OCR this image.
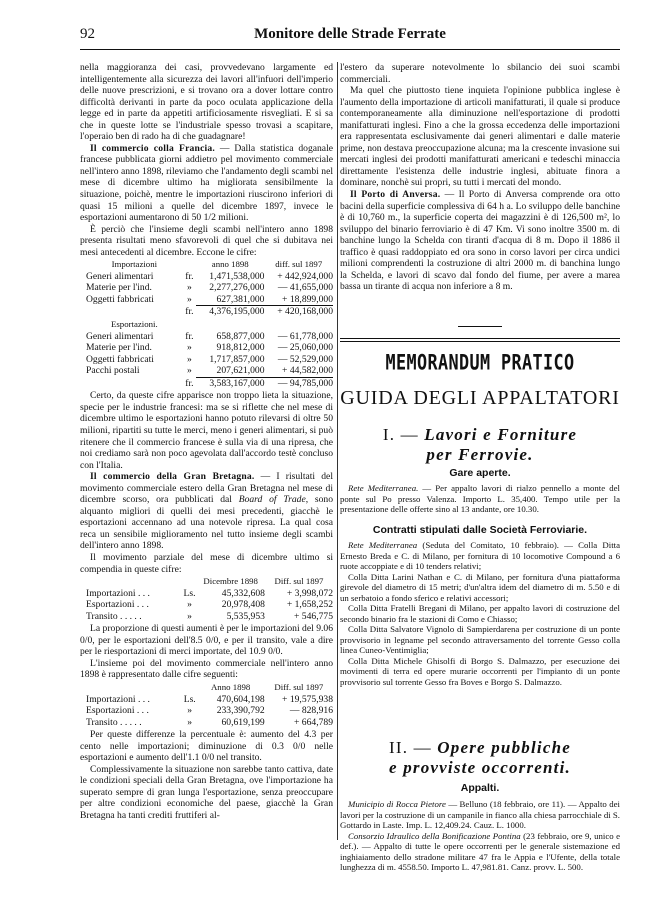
92	Monitore delle Strade Ferrate

nella maggioranza dei casi, provvedevano largamente ed intelligentemente alla sicurezza dei lavori all'infuori dell'imperio delle nuove prescrizioni, e si trovano ora a dover lottare contro difficoltà derivanti in parte da poco oculata applicazione della legge ed in parte da appetiti artificiosamente risvegliati. E si sa che in queste lotte se l'industriale spesso trovasi a scapitare, l'operaio ben di rado ha di che guadagnare!

Il commercio colla Francia. — Dalla statistica doganale francese pubblicata giorni addietro pel movimento commerciale nell'intero anno 1898, rileviamo che l'andamento degli scambi nel mese di dicembre ultimo ha migliorata sensibilmente la situazione, poichè, mentre le importazioni riuscirono inferiori di quasi 15 milioni a quelle del dicembre 1897, invece le esportazioni aumentarono di 50 1/2 milioni.

È perciò che l'insieme degli scambi nell'intero anno 1898 presenta risultati meno sfavorevoli di quel che si dubitava nei mesi antecedenti al dicembre. Eccone le cifre:

Importazioni		anno 1898	diff. sul 1897
Generi alimentari	fr.	1,471,538,000	+ 442,924,000
Materie per l'ind.	»	2,277,276,000	— 41,655,000
Oggetti fabbricati	»	627,381,000	+ 18,899,000
	fr.	4,376,195,000	+ 420,168,000
Esportazioni.			
Generi alimentari	fr.	658,877,000	— 61,778,000
Materie per l'ind.	»	918,812,000	— 25,060,000
Oggetti fabbricati	»	1,717,857,000	— 52,529,000
Pacchi postali	»	207,621,000	+ 44,582,000
	fr.	3,583,167,000	— 94,785,000

Certo, da queste cifre apparisce non troppo lieta la situazione, specie per le industrie francesi: ma se si riflette che nel mese di dicembre ultimo le esportazioni hanno potuto rilevarsi di oltre 50 milioni, ripartiti su tutte le merci, meno i generi alimentari, si può ritenere che il commercio francese è sulla via di una ripresa, che noi crediamo sarà non poco agevolata dall'accordo testè concluso con l'Italia.

Il commercio della Gran Bretagna. — I risultati del movimento commerciale estero della Gran Bretagna nel mese di dicembre scorso, ora pubblicati dal Board of Trade, sono alquanto migliori di quelli dei mesi precedenti, giacchè le esportazioni accennano ad una notevole ripresa. La qual cosa reca un sensibile miglioramento nel tutto insieme degli scambi dell'intero anno 1898.

Il movimento parziale del mese di dicembre ultimo si compendia in queste cifre:

		Dicembre 1898	Diff. sul 1897
Importazioni . . .	Ls.	45,332,608	+ 3,998,072
Esportazioni . . .	»	20,978,408	+ 1,658,252
Transito . . . . .	»	5,535,953	+ 546,775

La proporzione di questi aumenti è per le importazioni del 9.06 0/0, per le esportazioni dell'8.5 0/0, e per il transito, vale a dire per le riesportazioni di merci importate, del 10.9 0/0.

L'insieme poi del movimento commerciale nell'intero anno 1898 è rappresentato dalle cifre seguenti:

		Anno 1898	Diff. sul 1897
Importazioni . . .	Ls.	470,604,198	+ 19,575,938
Esportazioni . . .	»	233,390,792	— 828,916
Transito . . . . .	»	60,619,199	+ 664,789

Per queste differenze la percentuale è: aumento del 4.3 per cento nelle importazioni; diminuzione di 0.3 0/0 nelle esportazioni e aumento dell'1.1 0/0 nel transito.

Complessivamente la situazione non sarebbe tanto cattiva, date le condizioni speciali della Gran Bretagna, ove l'importazione ha superato sempre di gran lunga l'esportazione, senza preoccupare per altre condizioni economiche del paese, giacchè la Gran Bretagna ha tanti crediti fruttiferi al-

l'estero da superare notevolmente lo sbilancio dei suoi scambi commerciali.

Ma quel che piuttosto tiene inquieta l'opinione pubblica inglese è l'aumento della importazione di articoli manifatturati, il quale si produce contemporaneamente alla diminuzione nell'esportazione di prodotti manifatturati inglesi. Fino a che la grossa eccedenza delle importazioni era rappresentata esclusivamente dai generi alimentari e dalle materie prime, non destava preoccupazione alcuna; ma la crescente invasione sui mercati inglesi dei prodotti manifatturati americani e tedeschi minaccia direttamente l'esistenza delle industrie inglesi, abituate finora a dominare, nonchè sui propri, su tutti i mercati del mondo.

Il Porto di Anversa. — Il Porto di Anversa comprende ora otto bacini della superficie complessiva di 64 h a. Lo sviluppo delle banchine è di 10,760 m., la superficie coperta dei magazzini è di 126,500 m², lo sviluppo del binario ferroviario è di 47 Km. Vi sono inoltre 3500 m. di banchine lungo la Schelda con tiranti d'acqua di 8 m. Dopo il 1886 il traffico è quasi raddoppiato ed ora sono in corso lavori per circa undici milioni comprendenti la costruzione di altri 2000 m. di banchina lungo la Schelda, e lavori di scavo dal fondo del fiume, per avere a marea bassa un tirante di acqua non inferiore a 8 m.

MEMORANDUM PRATICO
GUIDA DEGLI APPALTATORI
I. — Lavori e Forniture
per Ferrovie.
Gare aperte.

Rete Mediterranea. — Per appalto lavori di rialzo pennello a monte del ponte sul Po presso Valenza. Importo L. 35,400. Tempo utile per la presentazione delle offerte sino al 13 andante, ore 10.30.

Contratti stipulati dalle Società Ferroviarie.

Rete Mediterranea (Seduta del Comitato, 10 febbraio). — Colla Ditta Ernesto Breda e C. di Milano, per fornitura di 10 locomotive Compound a 6 ruote accoppiate e di 10 tenders relativi;

Colla Ditta Larini Nathan e C. di Milano, per fornitura d'una piattaforma girevole del diametro di 15 metri; d'un'altra idem del diametro di m. 5.50 e di un serbatoio a fondo sferico e relativi accessori;

Colla Ditta Fratelli Bregani di Milano, per appalto lavori di costruzione del secondo binario fra le stazioni di Como e Chiasso;

Colla Ditta Salvatore Vignolo di Sampierdarena per costruzione di un ponte provvisorio in legname pel secondo attraversamento del torrente Gesso colla linea Cuneo-Ventimiglia;

Colla Ditta Michele Ghisolfi di Borgo S. Dalmazzo, per esecuzione dei movimenti di terra ed opere murarie occorrenti per l'impianto di un ponte provvisorio sul torrente Gesso fra Boves e Borgo S. Dalmazzo.

II. — Opere pubbliche
e provviste occorrenti.
Appalti.

Municipio di Rocca Pietore — Belluno (18 febbraio, ore 11). — Appalto dei lavori per la costruzione di un campanile in fianco alla chiesa parrocchiale di S. Gottardo in Laste. Imp. L. 12,409.24. Cauz. L. 1000.

Consorzio Idraulico della Bonificazione Pontina (23 febbraio, ore 9, unico e def.). — Appalto di tutte le opere occorrenti per le generale sistemazione ed inghiaiamento dello stradone militare 47 fra le Appia e l'Ufente, della totale lunghezza di m. 4558.50. Importo L. 47,981.81. Canz. provv. L. 500.
